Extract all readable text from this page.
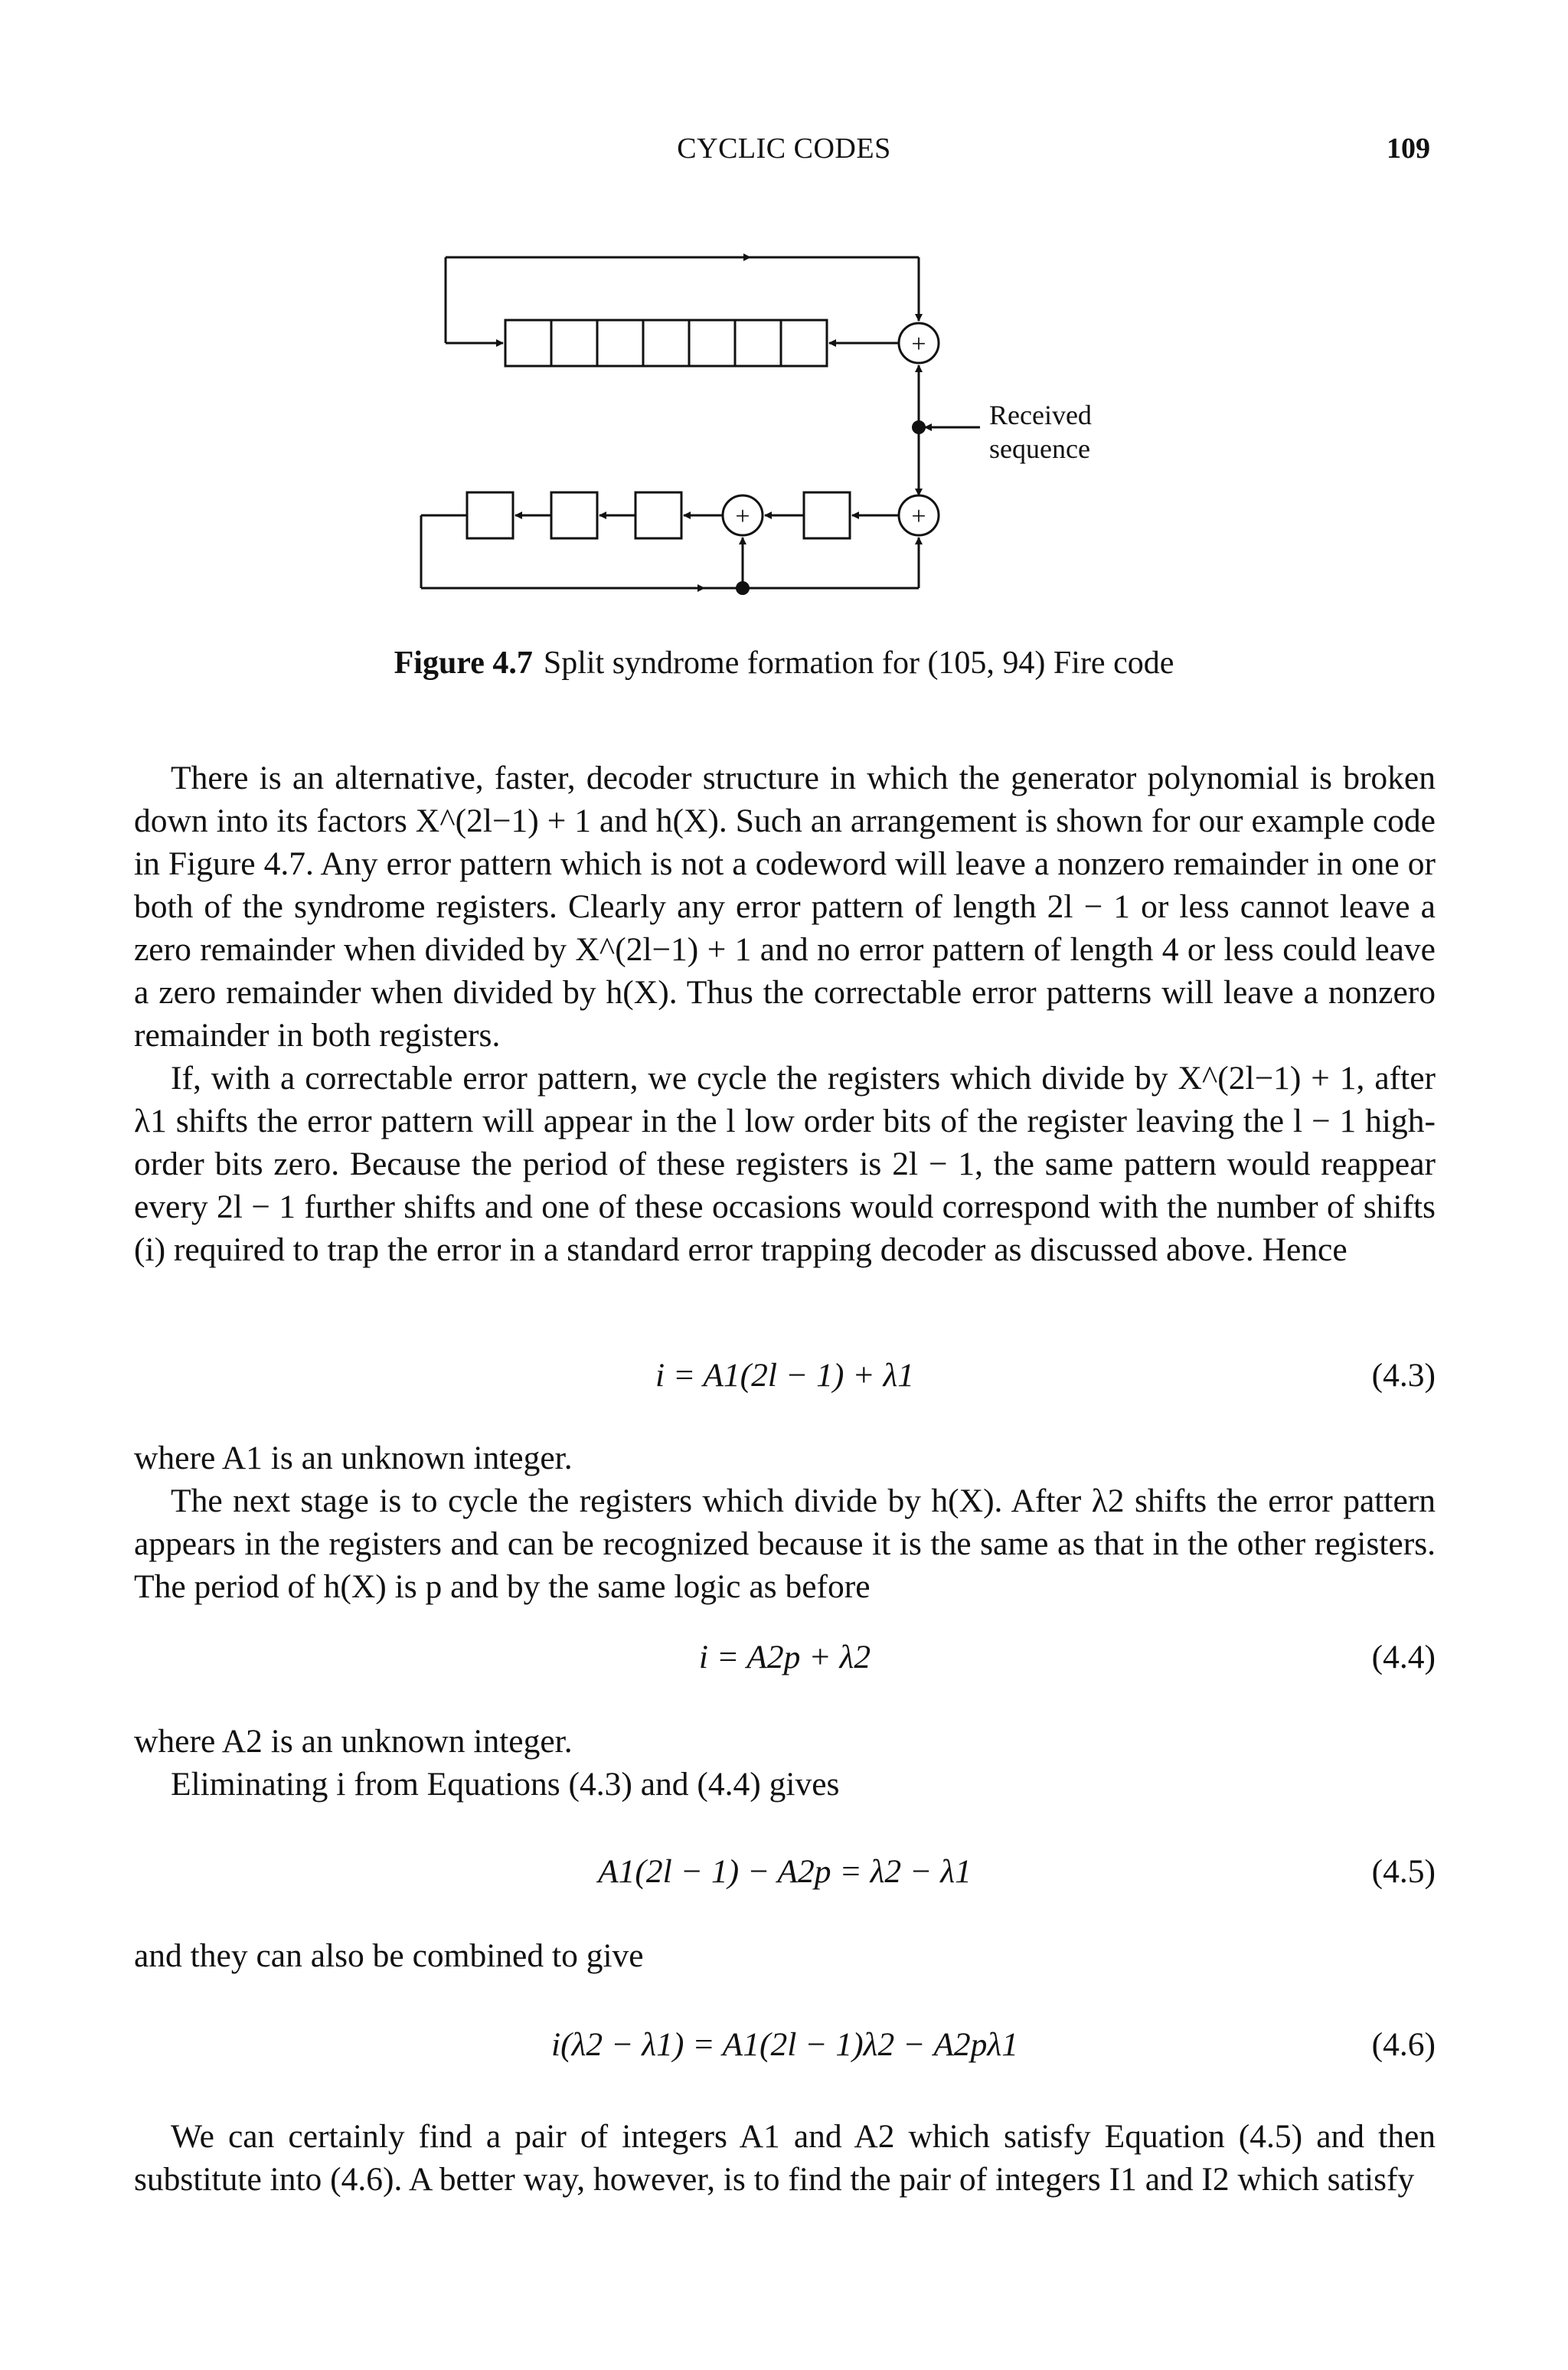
CYCLIC CODES	109
+
+
+
Received
sequence
Figure 4.7 Split syndrome formation for (105, 94) Fire code

There is an alternative, faster, decoder structure in which the generator polynomial is broken down into its factors X^(2l−1) + 1 and h(X). Such an arrangement is shown for our example code in Figure 4.7. Any error pattern which is not a codeword will leave a nonzero remainder in one or both of the syndrome registers. Clearly any error pattern of length 2l − 1 or less cannot leave a zero remainder when divided by X^(2l−1) + 1 and no error pattern of length 4 or less could leave a zero remainder when divided by h(X). Thus the correctable error patterns will leave a nonzero remainder in both registers.

If, with a correctable error pattern, we cycle the registers which divide by X^(2l−1) + 1, after λ1 shifts the error pattern will appear in the l low order bits of the register leaving the l − 1 high-order bits zero. Because the period of these registers is 2l − 1, the same pattern would reappear every 2l − 1 further shifts and one of these occasions would correspond with the number of shifts (i) required to trap the error in a standard error trapping decoder as discussed above. Hence

i = A1(2l − 1) + λ1	(4.3)

where A1 is an unknown integer.

The next stage is to cycle the registers which divide by h(X). After λ2 shifts the error pattern appears in the registers and can be recognized because it is the same as that in the other registers. The period of h(X) is p and by the same logic as before

i = A2p + λ2	(4.4)

where A2 is an unknown integer.

Eliminating i from Equations (4.3) and (4.4) gives

A1(2l − 1) − A2p = λ2 − λ1	(4.5)

and they can also be combined to give

i(λ2 − λ1) = A1(2l − 1)λ2 − A2pλ1	(4.6)

We can certainly find a pair of integers A1 and A2 which satisfy Equation (4.5) and then substitute into (4.6). A better way, however, is to find the pair of integers I1 and I2 which satisfy
